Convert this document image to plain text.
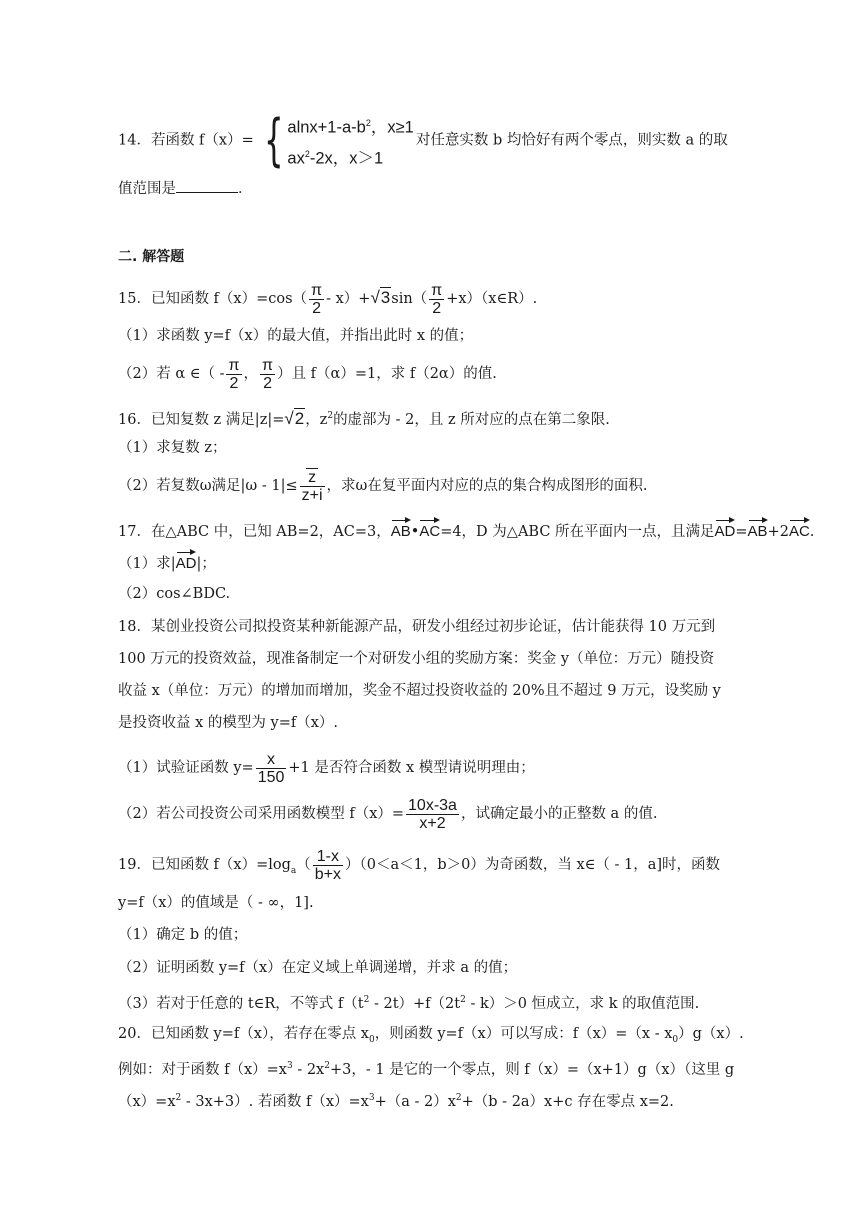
14．若函数 f（x）= { $alnx+1-a-b^2$，x≥1
$ax^2-2x$，x＞1
对任意实数 b 均恰好有两个零点，则实数 a 的取
值范围是	．
二. 解答题
15．已知函数 $f(x)=\cos( \frac{\pi}{2} - x)+√3\sin( \frac{\pi}{2}$ +x）（x∈R）.
（1）求函数 y=f（x）的最大值，并指出此时 x 的值；
（2）若 α ∈（ - $\frac{\pi}{2}$ ， $\frac{\pi}{2}$ ）且 f（α）=1，求 f（2α）的值.
16．已知复数 z 满足|z|=√2，$z^2$的虚部为 - 2，且 z 所对应的点在第二象限.
（1）求复数 z；
（2）若复数ω满足$|\omega - 1|\le \frac{z}{z+i}$ ，求ω在复平面内对应的点的集合构成图形的面积.
17．在△ABC 中，已知 AB=2，AC=3，AB•AC=4，D 为△ABC 所在平面内一点，且满足AD=AB+2AC.
（1）求|AD|；
（2）cos∠BDC.
18．某创业投资公司拟投资某种新能源产品，研发小组经过初步论证，估计能获得 10 万元到
100 万元的投资效益，现准备制定一个对研发小组的奖励方案：奖金 y（单位：万元）随投资
收益 x（单位：万元）的增加而增加，奖金不超过投资收益的 20%且不超过 9 万元，设奖励 y
是投资收益 x 的模型为 y=f（x）.
（1）试验证函数 $y= \frac{x}{150} +1$ 是否符合函数 x 模型请说明理由；
（2）若公司投资公司采用函数模型 $f(x)= \frac{10x-3a}{x+2}$ ，试确定最小的正整数 a 的值.
19．已知函数 $f(x)=\log_a( \frac{1-x}{b+x} )(0<a<1$，b＞0）为奇函数，当 x∈（ - 1，a]时，函数
y=f（x）的值域是（ - ∞，1].
（1）确定 b 的值；
（2）证明函数 y=f（x）在定义域上单调递增，并求 a 的值；
（3）若对于任意的 t∈R，不等式 $f(t^2 - 2t)+f(2t^2 - k)>0$ 恒成立，求 k 的取值范围.
20．已知函数 y=f（x），若存在零点 $x_0$，则函数 y=f（x）可以写成：$f(x)=(x - x_0)g(x)$.
例如：对于函数 $f(x)=x^3 - 2x^2+3$，- 1 是它的一个零点，则 f（x）=（x+1）g（x）（这里 g
$(x)=x^2 - 3x+3$）. 若函数 $f(x)=x^3+(a - 2)x^2+(b - 2a)x+c$ 存在零点 x=2.
